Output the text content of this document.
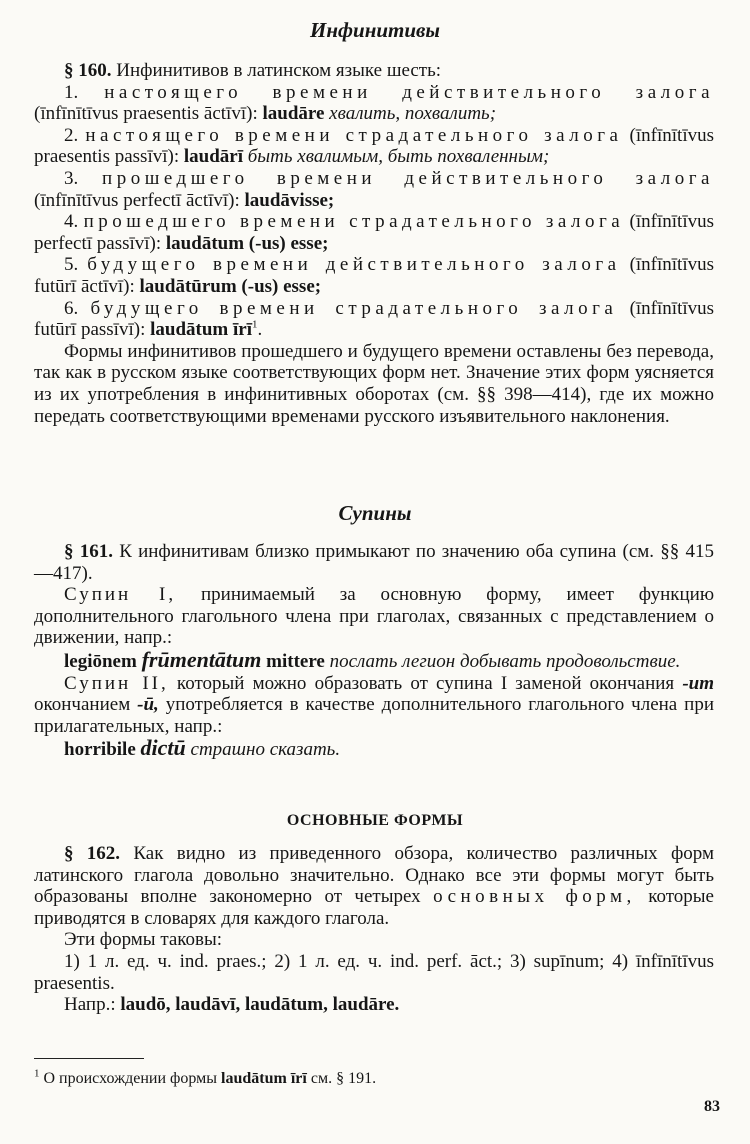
Инфинитивы

§ 160. Инфинитивов в латинском языке шесть:

1. настоящего времени действительного залога (īnfīnītīvus praesentis āctīvī): laudāre хвалить, похвалить;

2. настоящего времени страдательного залога (īnfīnītīvus praesentis passīvī): laudārī быть хвалимым, быть похваленным;

3. прошедшего времени действительного залога (īnfīnītīvus perfectī āctīvī): laudāvisse;

4. прошедшего времени страдательного залога (īnfīnītīvus perfectī passīvī): laudātum (-us) esse;

5. будущего времени действительного залога (īnfīnītīvus futūrī āctīvī): laudātūrum (-us) esse;

6. будущего времени страдательного залога (īnfīnītīvus futūrī passīvī): laudātum īrī$^1$.

Формы инфинитивов прошедшего и будущего времени оставлены без перевода, так как в русском языке соответствующих форм нет. Значение этих форм уясняется из их употребления в инфинитивных оборотах (см. §§ 398—414), где их можно передать соответствующими временами русского изъявительного наклонения.

Супины

§ 161. К инфинитивам близко примыкают по значению оба супина (см. §§ 415—417).

Супин I, принимаемый за основную форму, имеет функцию дополнительного глагольного члена при глаголах, связанных с представлением о движении, напр.:

legiōnem frūmentātum mittere послать легион добывать продовольствие.

Супин II, который можно образовать от супина I заменой окончания -um окончанием -ū, употребляется в качестве дополнительного глагольного члена при прилагательных, напр.:

horribile dictū страшно сказать.

ОСНОВНЫЕ ФОРМЫ

§ 162. Как видно из приведенного обзора, количество различных форм латинского глагола довольно значительно. Однако все эти формы могут быть образованы вполне закономерно от четырех основных форм, которые приводятся в словарях для каждого глагола.

Эти формы таковы:

1) 1 л. ед. ч. ind. praes.; 2) 1 л. ед. ч. ind. perf. āct.; 3) supīnum; 4) īnfīnītīvus praesentis.

Напр.: laudō, laudāvī, laudātum, laudāre.

$^1$ О происхождении формы laudātum īrī см. § 191.
83
